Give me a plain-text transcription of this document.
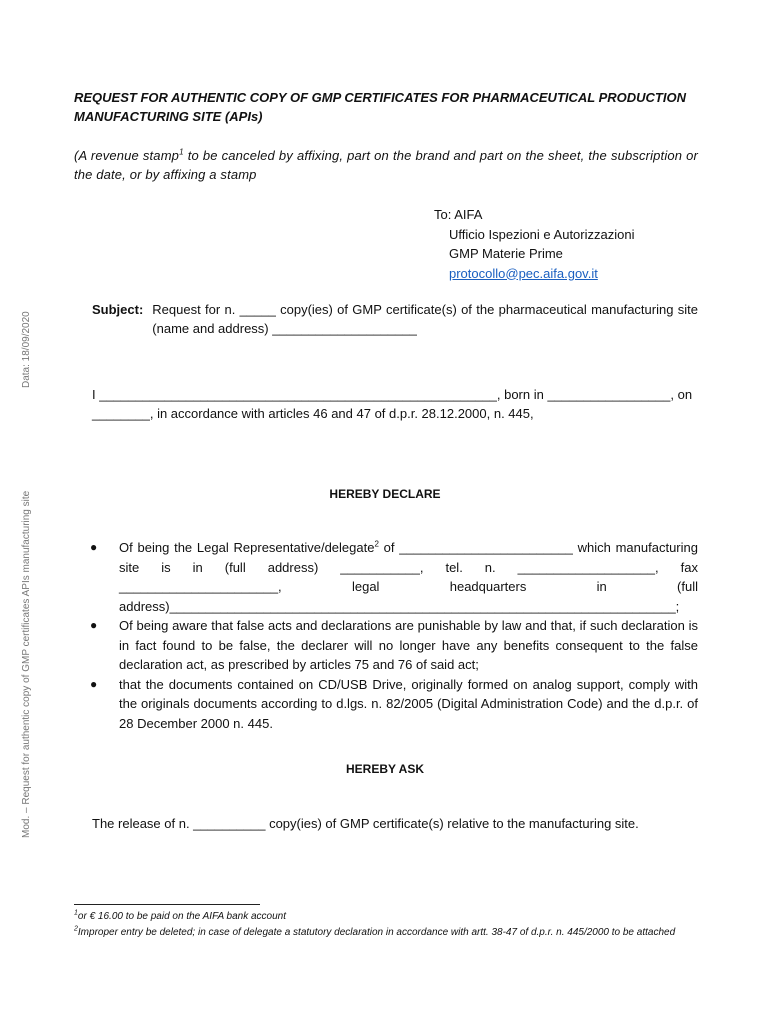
Data: 18/09/2020
Mod. – Request for authentic copy of GMP certificates APIs manufacturing site
REQUEST FOR AUTHENTIC COPY OF GMP CERTIFICATES FOR PHARMACEUTICAL PRODUCTION MANUFACTURING SITE (APIs)

(A revenue stamp$^1$ to be canceled by affixing, part on the brand and part on the sheet, the subscription or the date, or by affixing a stamp

To: AIFA
Ufficio Ispezioni e Autorizzazioni
GMP Materie Prime
protocollo@pec.aifa.gov.it
Subject: Request for n. _____ copy(ies) of GMP certificate(s) of the pharmaceutical manufacturing site (name and address) ____________________

I _______________________________________________________, born in _________________, on ________, in accordance with articles 46 and 47 of d.p.r. 28.12.2000, n. 445,

HEREBY DECLARE
● Of being the Legal Representative/delegate$^2$ of ________________________ which manufacturing site is in (full address) ___________, tel. n. ___________________, fax ______________________, legal headquarters in (full address)______________________________________________________________________;
● Of being aware that false acts and declarations are punishable by law and that, if such declaration is in fact found to be false, the declarer will no longer have any benefits consequent to the false declaration act, as prescribed by articles 75 and 76 of said act;
● that the documents contained on CD/USB Drive, originally formed on analog support, comply with the originals documents according to d.lgs. n. 82/2005 (Digital Administration Code) and the d.p.r. of 28 December 2000 n. 445.
HEREBY ASK

The release of n. __________ copy(ies) of GMP certificate(s) relative to the manufacturing site.

$^1$or € 16.00 to be paid on the AIFA bank account

$^2$Improper entry be deleted; in case of delegate a statutory declaration in accordance with artt. 38-47 of d.p.r. n. 445/2000 to be attached
